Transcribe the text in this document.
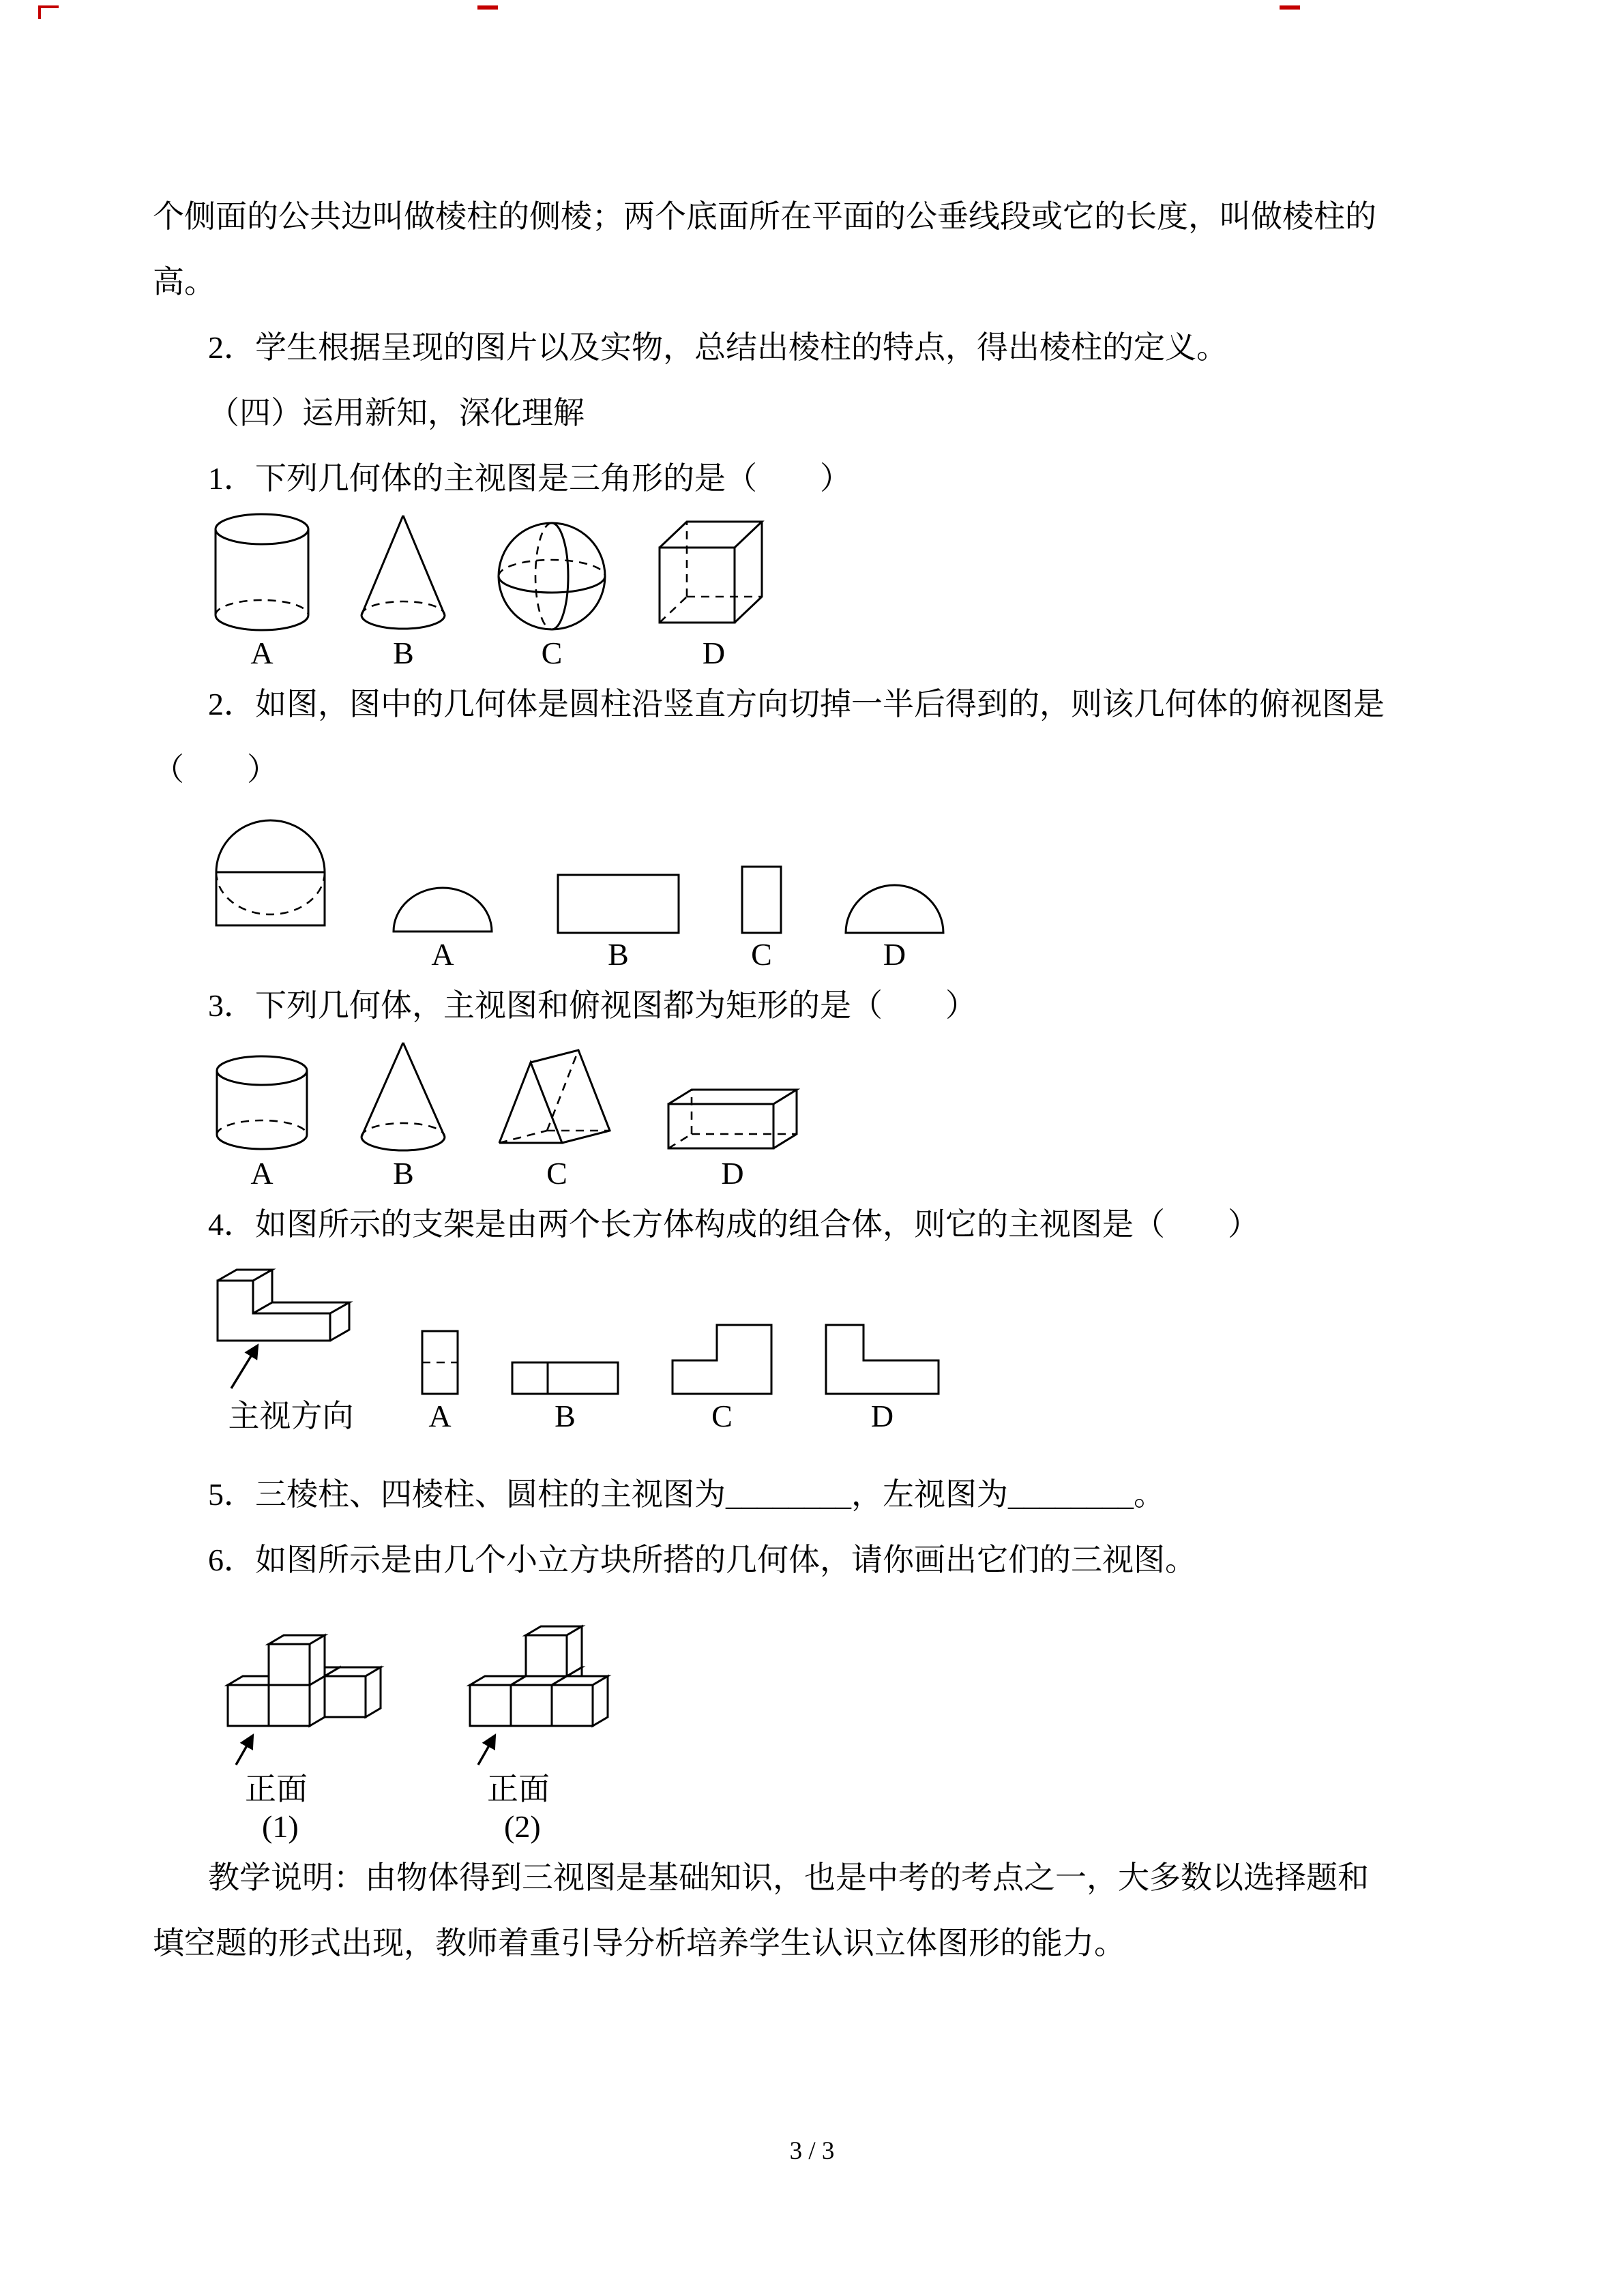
个侧面的公共边叫做棱柱的侧棱；两个底面所在平面的公垂线段或它的长度，叫做棱柱的高。

2．学生根据呈现的图片以及实物，总结出棱柱的特点，得出棱柱的定义。

（四）运用新知，深化理解

1．下列几何体的主视图是三角形的是（　　）

A	B	C	D

2．如图，图中的几何体是圆柱沿竖直方向切掉一半后得到的，则该几何体的俯视图是（　　）

A	B	C	D

3．下列几何体，主视图和俯视图都为矩形的是（　　）

A	B	C	D

4．如图所示的支架是由两个长方体构成的组合体，则它的主视图是（　　）

主视方向 A	B	C	D

5．三棱柱、四棱柱、圆柱的主视图为________，左视图为________。

6．如图所示是由几个小立方块所搭的几何体，请你画出它们的三视图。

正面
(1)
正面
(2)

教学说明：由物体得到三视图是基础知识，也是中考的考点之一，大多数以选择题和填空题的形式出现，教师着重引导分析培养学生认识立体图形的能力。

3 / 3
